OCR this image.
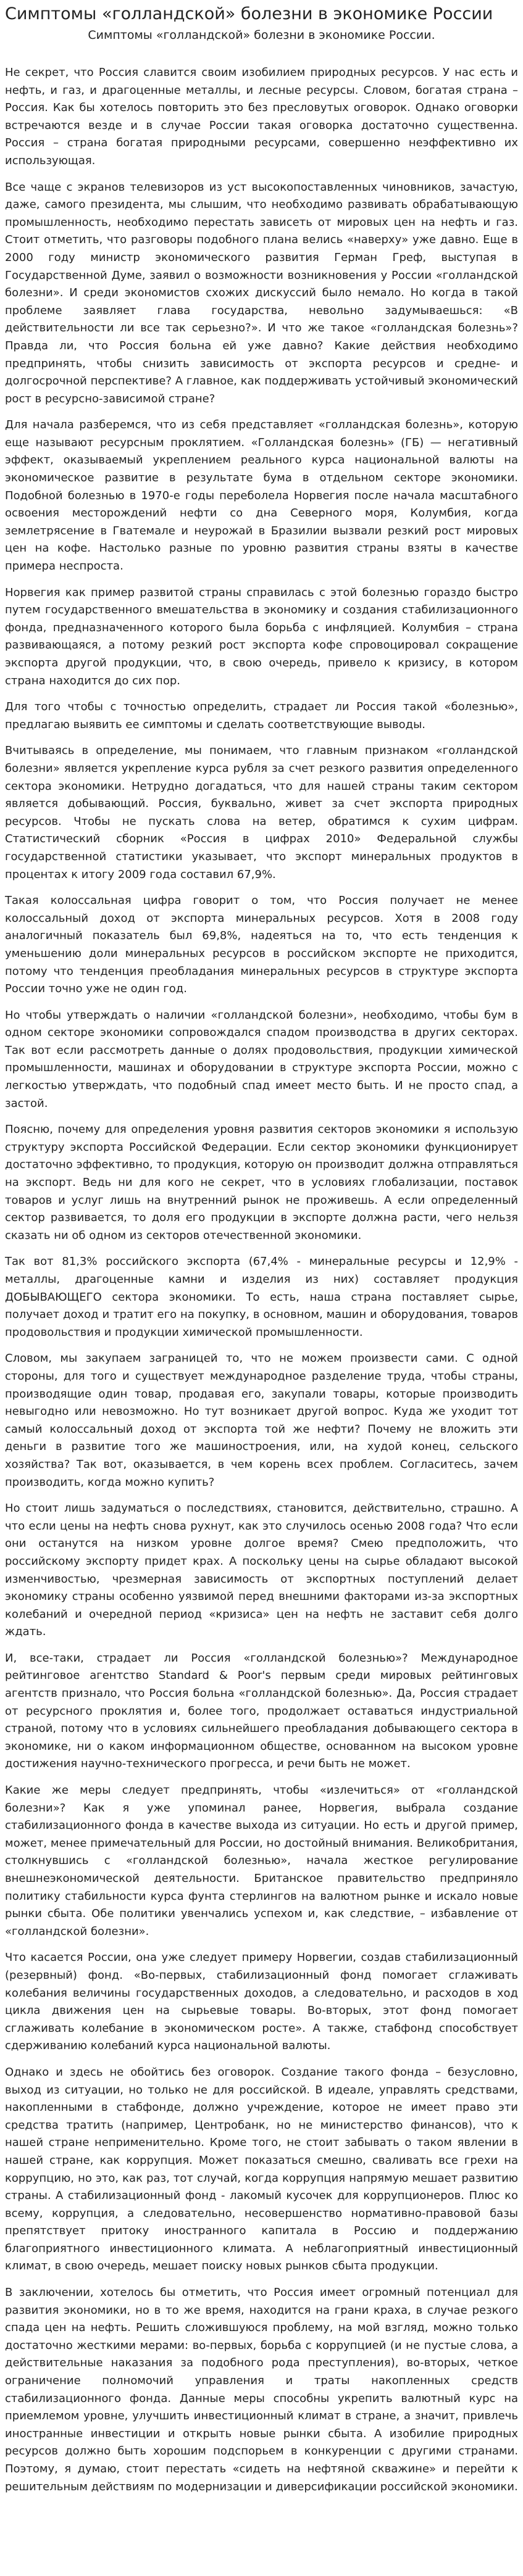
Симптомы «голландской» болезни в экономике России
Симптомы «голландской» болезни в экономике России.

Не секрет, что Россия славится своим изобилием природных ресурсов. У нас есть и нефть, и газ, и драгоценные металлы, и лесные ресурсы. Словом, богатая страна – Россия. Как бы хотелось повторить это без пресловутых оговорок. Однако оговорки встречаются везде и в случае России такая оговорка достаточно существенна. Россия – страна богатая природными ресурсами, совершенно неэффективно их использующая.

Все чаще с экранов телевизоров из уст высокопоставленных чиновников, зачастую, даже, самого президента, мы слышим, что необходимо развивать обрабатывающую промышленность, необходимо перестать зависеть от мировых цен на нефть и газ. Стоит отметить, что разговоры подобного плана велись «наверху» уже давно. Еще в 2000 году министр экономического развития Герман Греф, выступая в Государственной Думе, заявил о возможности возникновения у России «голландской болезни». И среди экономистов схожих дискуссий было немало. Но когда в такой проблеме заявляет глава государства, невольно задумываешься: «В действительности ли все так серьезно?». И что же такое «голландская болезнь»? Правда ли, что Россия больна ей уже давно? Какие действия необходимо предпринять, чтобы снизить зависимость от экспорта ресурсов и средне- и долгосрочной перспективе? А главное, как поддерживать устойчивый экономический рост в ресурсно-зависимой стране?

Для начала разберемся, что из себя представляет «голландская болезнь», которую еще называют ресурсным проклятием. «Голландская болезнь» (ГБ) — негативный эффект, оказываемый укреплением реального курса национальной валюты на экономическое развитие в результате бума в отдельном секторе экономики. Подобной болезнью в 1970-е годы переболела Норвегия после начала масштабного освоения месторождений нефти со дна Северного моря, Колумбия, когда землетрясение в Гватемале и неурожай в Бразилии вызвали резкий рост мировых цен на кофе. Настолько разные по уровню развития страны взяты в качестве примера неспроста.

Норвегия как пример развитой страны справилась с этой болезнью гораздо быстро путем государственного вмешательства в экономику и создания стабилизационного фонда, предназначенного которого была борьба с инфляцией. Колумбия – страна развивающаяся, а потому резкий рост экспорта кофе спровоцировал сокращение экспорта другой продукции, что, в свою очередь, привело к кризису, в котором страна находится до сих пор.

Для того чтобы с точностью определить, страдает ли Россия такой «болезнью», предлагаю выявить ее симптомы и сделать соответствующие выводы.

Вчитываясь в определение, мы понимаем, что главным признаком «голландской болезни» является укрепление курса рубля за счет резкого развития определенного сектора экономики. Нетрудно догадаться, что для нашей страны таким сектором является добывающий. Россия, буквально, живет за счет экспорта природных ресурсов. Чтобы не пускать слова на ветер, обратимся к сухим цифрам. Статистический сборник «Россия в цифрах 2010» Федеральной службы государственной статистики указывает, что экспорт минеральных продуктов в процентах к итогу 2009 года составил 67,9%.

Такая колоссальная цифра говорит о том, что Россия получает не менее колоссальный доход от экспорта минеральных ресурсов. Хотя в 2008 году аналогичный показатель был 69,8%, надеяться на то, что есть тенденция к уменьшению доли минеральных ресурсов в российском экспорте не приходится, потому что тенденция преобладания минеральных ресурсов в структуре экспорта России точно уже не один год.

Но чтобы утверждать о наличии «голландской болезни», необходимо, чтобы бум в одном секторе экономики сопровождался спадом производства в других секторах. Так вот если рассмотреть данные о долях продовольствия, продукции химической промышленности, машинах и оборудовании в структуре экспорта России, можно с легкостью утверждать, что подобный спад имеет место быть. И не просто спад, а застой.

Поясню, почему для определения уровня развития секторов экономики я использую структуру экспорта Российской Федерации. Если сектор экономики функционирует достаточно эффективно, то продукция, которую он производит должна отправляться на экспорт. Ведь ни для кого не секрет, что в условиях глобализации, поставок товаров и услуг лишь на внутренний рынок не проживешь. А если определенный сектор развивается, то доля его продукции в экспорте должна расти, чего нельзя сказать ни об одном из секторов отечественной экономики.

Так вот 81,3% российского экспорта (67,4% - минеральные ресурсы и 12,9% - металлы, драгоценные камни и изделия из них) составляет продукция ДОБЫВАЮЩЕГО сектора экономики. То есть, наша страна поставляет сырье, получает доход и тратит его на покупку, в основном, машин и оборудования, товаров продовольствия и продукции химической промышленности.

Словом, мы закупаем заграницей то, что не можем произвести сами. С одной стороны, для того и существует международное разделение труда, чтобы страны, производящие один товар, продавая его, закупали товары, которые производить невыгодно или невозможно. Но тут возникает другой вопрос. Куда же уходит тот самый колоссальный доход от экспорта той же нефти? Почему не вложить эти деньги в развитие того же машиностроения, или, на худой конец, сельского хозяйства? Так вот, оказывается, в чем корень всех проблем. Согласитесь, зачем производить, когда можно купить?

Но стоит лишь задуматься о последствиях, становится, действительно, страшно. А что если цены на нефть снова рухнут, как это случилось осенью 2008 года? Что если они останутся на низком уровне долгое время? Смею предположить, что российскому экспорту придет крах. А поскольку цены на сырье обладают высокой изменчивостью, чрезмерная зависимость от экспортных поступлений делает экономику страны особенно уязвимой перед внешними факторами из-за экспортных колебаний и очередной период «кризиса» цен на нефть не заставит себя долго ждать.

И, все-таки, страдает ли Россия «голландской болезнью»? Международное рейтинговое агентство Standard & Poor's первым среди мировых рейтинговых агентств признало, что Россия больна «голландской болезнью». Да, Россия страдает от ресурсного проклятия и, более того, продолжает оставаться индустриальной страной, потому что в условиях сильнейшего преобладания добывающего сектора в экономике, ни о каком информационном обществе, основанном на высоком уровне достижения научно-технического прогресса, и речи быть не может.

Какие же меры следует предпринять, чтобы «излечиться» от «голландской болезни»? Как я уже упоминал ранее, Норвегия, выбрала создание стабилизационного фонда в качестве выхода из ситуации. Но есть и другой пример, может, менее примечательный для России, но достойный внимания. Великобритания, столкнувшись с «голландской болезнью», начала жесткое регулирование внешнеэкономической деятельности. Британское правительство предприняло политику стабильности курса фунта стерлингов на валютном рынке и искало новые рынки сбыта. Обе политики увенчались успехом и, как следствие, – избавление от «голландской болезни».

Что касается России, она уже следует примеру Норвегии, создав стабилизационный (резервный) фонд. «Во-первых, стабилизационный фонд помогает сглаживать колебания величины государственных доходов, а следовательно, и расходов в ход цикла движения цен на сырьевые товары. Во-вторых, этот фонд помогает сглаживать колебание в экономическом росте». А также, стабфонд способствует сдерживанию колебаний курса национальной валюты.

Однако и здесь не обойтись без оговорок. Создание такого фонда – безусловно, выход из ситуации, но только не для российской. В идеале, управлять средствами, накопленными в стабфонде, должно учреждение, которое не имеет право эти средства тратить (например, Центробанк, но не министерство финансов), что к нашей стране неприменительно. Кроме того, не стоит забывать о таком явлении в нашей стране, как коррупция. Может показаться смешно, сваливать все грехи на коррупцию, но это, как раз, тот случай, когда коррупция напрямую мешает развитию страны. А стабилизационный фонд - лакомый кусочек для коррупционеров. Плюс ко всему, коррупция, а следовательно, несовершенство нормативно-правовой базы препятствует притоку иностранного капитала в Россию и поддержанию благоприятного инвестиционного климата. А неблагоприятный инвестиционный климат, в свою очередь, мешает поиску новых рынков сбыта продукции.

В заключении, хотелось бы отметить, что Россия имеет огромный потенциал для развития экономики, но в то же время, находится на грани краха, в случае резкого спада цен на нефть. Решить сложившуюся проблему, на мой взгляд, можно только достаточно жесткими мерами: во-первых, борьба с коррупцией (и не пустые слова, а действительные наказания за подобного рода преступления), во-вторых, четкое ограничение полномочий управления и траты накопленных средств стабилизационного фонда. Данные меры способны укрепить валютный курс на приемлемом уровне, улучшить инвестиционный климат в стране, а значит, привлечь иностранные инвестиции и открыть новые рынки сбыта. А изобилие природных ресурсов должно быть хорошим подспорьем в конкуренции с другими странами. Поэтому, я думаю, стоит перестать «сидеть на нефтяной скважине» и перейти к решительным действиям по модернизации и диверсификации российской экономики.
